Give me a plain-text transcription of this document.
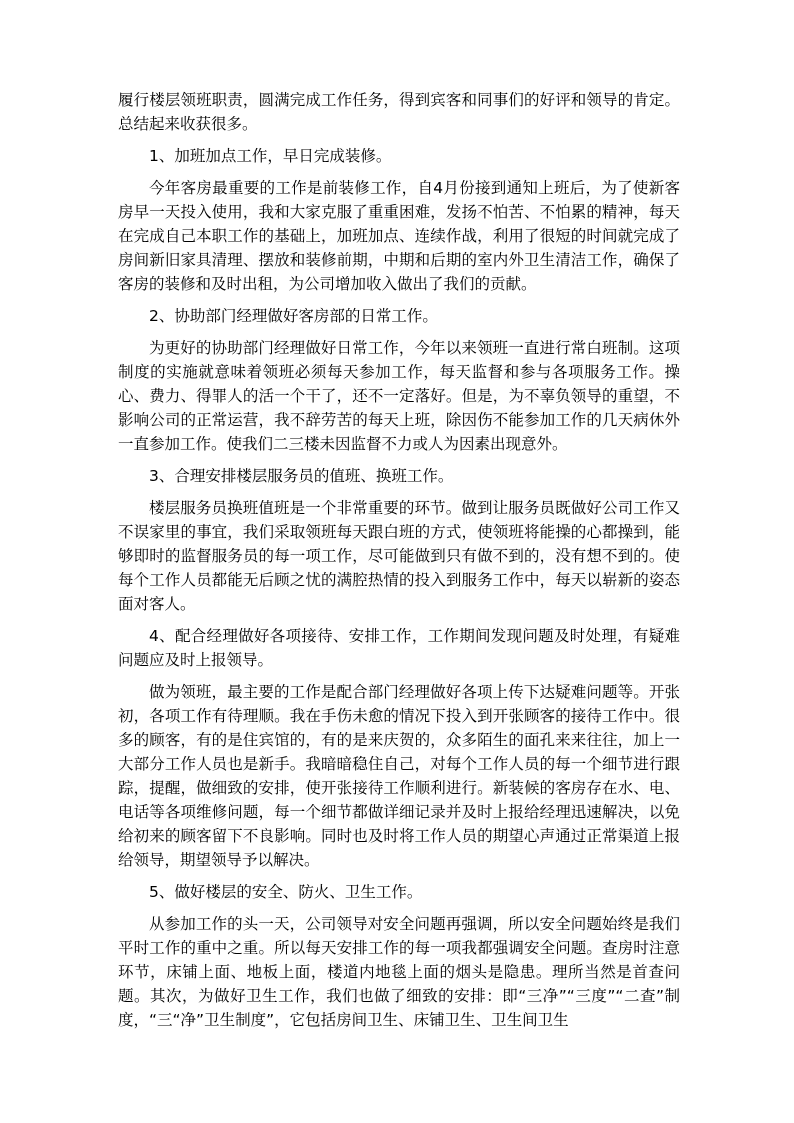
履行楼层领班职责，圆满完成工作任务，得到宾客和同事们的好评和领导的肯定。总结起来收获很多。

1、加班加点工作，早日完成装修。

今年客房最重要的工作是前装修工作，自4月份接到通知上班后，为了使新客房早一天投入使用，我和大家克服了重重困难，发扬不怕苦、不怕累的精神，每天在完成自己本职工作的基础上，加班加点、连续作战，利用了很短的时间就完成了房间新旧家具清理、摆放和装修前期，中期和后期的室内外卫生清洁工作，确保了客房的装修和及时出租，为公司增加收入做出了我们的贡献。

2、协助部门经理做好客房部的日常工作。

为更好的协助部门经理做好日常工作，今年以来领班一直进行常白班制。这项制度的实施就意味着领班必须每天参加工作，每天监督和参与各项服务工作。操心、费力、得罪人的活一个干了，还不一定落好。但是，为不辜负领导的重望，不影响公司的正常运营，我不辞劳苦的每天上班，除因伤不能参加工作的几天病休外一直参加工作。使我们二三楼未因监督不力或人为因素出现意外。

3、合理安排楼层服务员的值班、换班工作。

楼层服务员换班值班是一个非常重要的环节。做到让服务员既做好公司工作又不误家里的事宜，我们采取领班每天跟白班的方式，使领班将能操的心都操到，能够即时的监督服务员的每一项工作，尽可能做到只有做不到的，没有想不到的。使每个工作人员都能无后顾之忧的满腔热情的投入到服务工作中，每天以崭新的姿态面对客人。

4、配合经理做好各项接待、安排工作，工作期间发现问题及时处理，有疑难问题应及时上报领导。

做为领班，最主要的工作是配合部门经理做好各项上传下达疑难问题等。开张初，各项工作有待理顺。我在手伤未愈的情况下投入到开张顾客的接待工作中。很多的顾客，有的是住宾馆的，有的是来庆贺的，众多陌生的面孔来来往往，加上一大部分工作人员也是新手。我暗暗稳住自己，对每个工作人员的每一个细节进行跟踪，提醒，做细致的安排，使开张接待工作顺利进行。新装候的客房存在水、电、电话等各项维修问题，每一个细节都做详细记录并及时上报给经理迅速解决，以免给初来的顾客留下不良影响。同时也及时将工作人员的期望心声通过正常渠道上报给领导，期望领导予以解决。

5、做好楼层的安全、防火、卫生工作。

从参加工作的头一天，公司领导对安全问题再强调，所以安全问题始终是我们平时工作的重中之重。所以每天安排工作的每一项我都强调安全问题。查房时注意环节，床铺上面、地板上面，楼道内地毯上面的烟头是隐患。理所当然是首查问题。其次，为做好卫生工作，我们也做了细致的安排：即“三净”“三度”“二查”制度，“三“净”卫生制度”，它包括房间卫生、床铺卫生、卫生间卫生
